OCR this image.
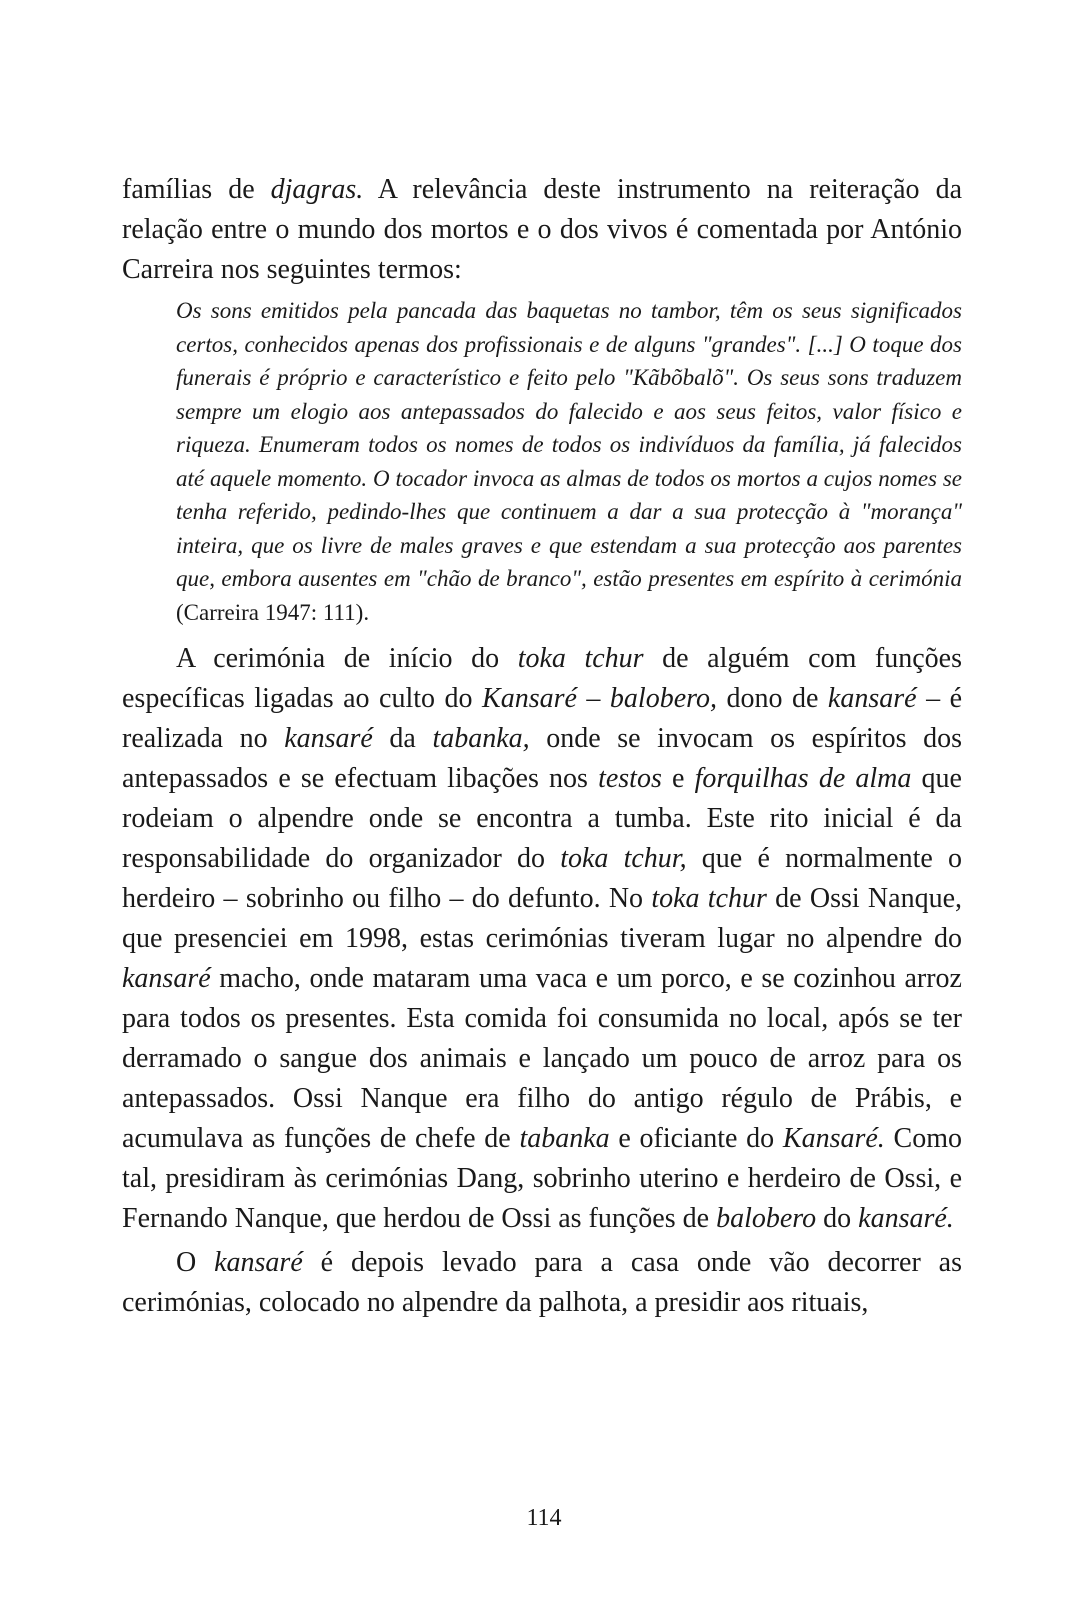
famílias de djagras. A relevância deste instrumento na reiteração da relação entre o mundo dos mortos e o dos vivos é comentada por António Carreira nos seguintes termos:

Os sons emitidos pela pancada das baquetas no tambor, têm os seus significados certos, conhecidos apenas dos profissionais e de alguns "grandes". [...] O toque dos funerais é próprio e característico e feito pelo "Kãbõbalõ". Os seus sons traduzem sempre um elogio aos antepassados do falecido e aos seus feitos, valor físico e riqueza. Enumeram todos os nomes de todos os indivíduos da família, já falecidos até aquele momento. O tocador invoca as almas de todos os mortos a cujos nomes se tenha referido, pedindo-lhes que continuem a dar a sua protecção à "morança" inteira, que os livre de males graves e que estendam a sua protecção aos parentes que, embora ausentes em "chão de branco", estão presentes em espírito à cerimónia (Carreira 1947: 111).

A cerimónia de início do toka tchur de alguém com funções específicas ligadas ao culto do Kansaré – balobero, dono de kansaré – é realizada no kansaré da tabanka, onde se invocam os espíritos dos antepassados e se efectuam libações nos testos e forquilhas de alma que rodeiam o alpendre onde se encontra a tumba. Este rito inicial é da responsabilidade do organizador do toka tchur, que é normalmente o herdeiro – sobrinho ou filho – do defunto. No toka tchur de Ossi Nanque, que presenciei em 1998, estas cerimónias tiveram lugar no alpendre do kansaré macho, onde mataram uma vaca e um porco, e se cozinhou arroz para todos os presentes. Esta comida foi consumida no local, após se ter derramado o sangue dos animais e lançado um pouco de arroz para os antepassados. Ossi Nanque era filho do antigo régulo de Prábis, e acumulava as funções de chefe de tabanka e oficiante do Kansaré. Como tal, presidiram às cerimónias Dang, sobrinho uterino e herdeiro de Ossi, e Fernando Nanque, que herdou de Ossi as funções de balobero do kansaré.

O kansaré é depois levado para a casa onde vão decorrer as cerimónias, colocado no alpendre da palhota, a presidir aos rituais,

114
